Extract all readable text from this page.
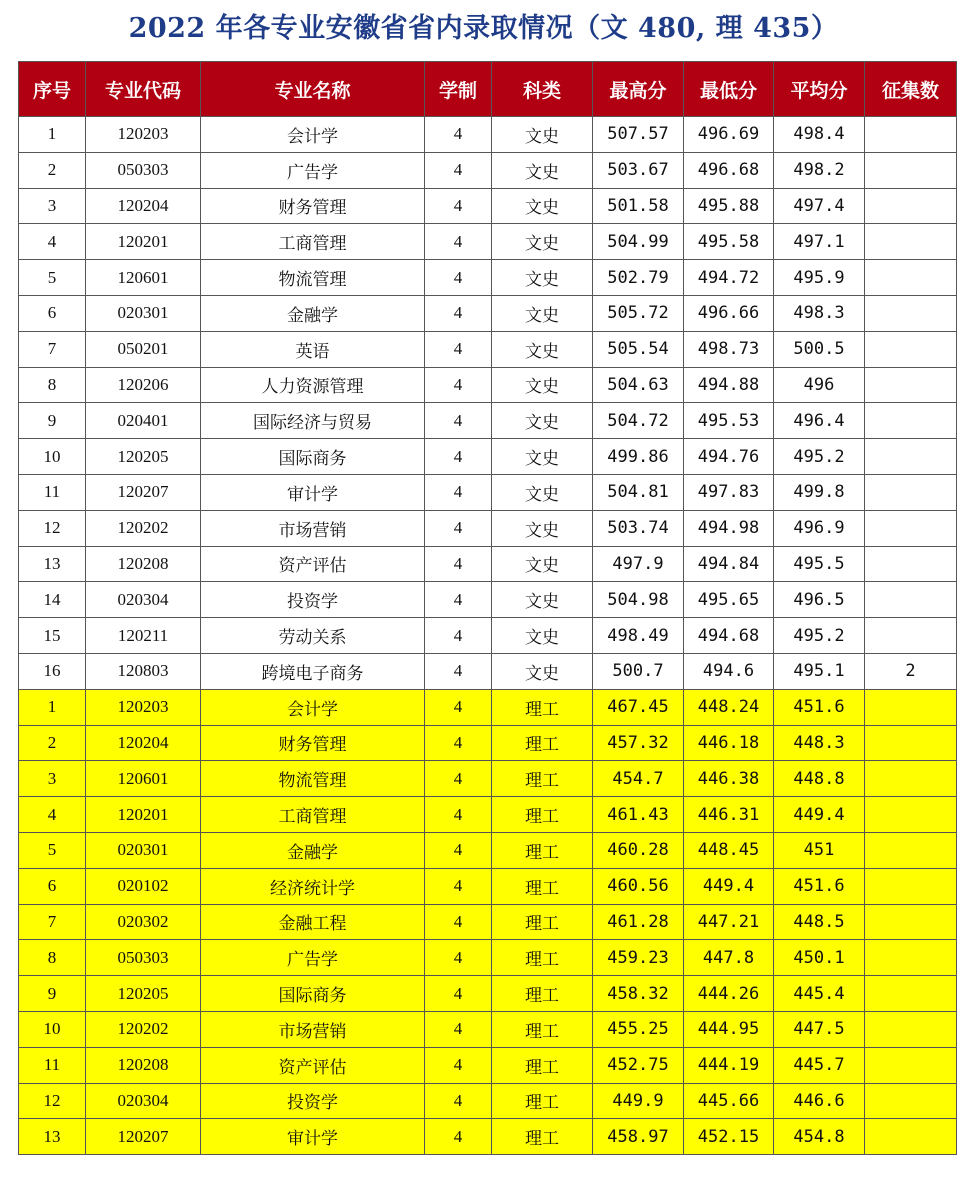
2022 年各专业安徽省省内录取情况（文 480, 理 435）
序号	专业代码	专业名称	学制	科类	最高分	最低分	平均分	征集数
1	120203	会计学	4	文史	507.57	496.69	498.4	
2	050303	广告学	4	文史	503.67	496.68	498.2	
3	120204	财务管理	4	文史	501.58	495.88	497.4	
4	120201	工商管理	4	文史	504.99	495.58	497.1	
5	120601	物流管理	4	文史	502.79	494.72	495.9	
6	020301	金融学	4	文史	505.72	496.66	498.3	
7	050201	英语	4	文史	505.54	498.73	500.5	
8	120206	人力资源管理	4	文史	504.63	494.88	496	
9	020401	国际经济与贸易	4	文史	504.72	495.53	496.4	
10	120205	国际商务	4	文史	499.86	494.76	495.2	
11	120207	审计学	4	文史	504.81	497.83	499.8	
12	120202	市场营销	4	文史	503.74	494.98	496.9	
13	120208	资产评估	4	文史	497.9	494.84	495.5	
14	020304	投资学	4	文史	504.98	495.65	496.5	
15	120211	劳动关系	4	文史	498.49	494.68	495.2	
16	120803	跨境电子商务	4	文史	500.7	494.6	495.1	2
1	120203	会计学	4	理工	467.45	448.24	451.6	
2	120204	财务管理	4	理工	457.32	446.18	448.3	
3	120601	物流管理	4	理工	454.7	446.38	448.8	
4	120201	工商管理	4	理工	461.43	446.31	449.4	
5	020301	金融学	4	理工	460.28	448.45	451	
6	020102	经济统计学	4	理工	460.56	449.4	451.6	
7	020302	金融工程	4	理工	461.28	447.21	448.5	
8	050303	广告学	4	理工	459.23	447.8	450.1	
9	120205	国际商务	4	理工	458.32	444.26	445.4	
10	120202	市场营销	4	理工	455.25	444.95	447.5	
11	120208	资产评估	4	理工	452.75	444.19	445.7	
12	020304	投资学	4	理工	449.9	445.66	446.6	
13	120207	审计学	4	理工	458.97	452.15	454.8	
